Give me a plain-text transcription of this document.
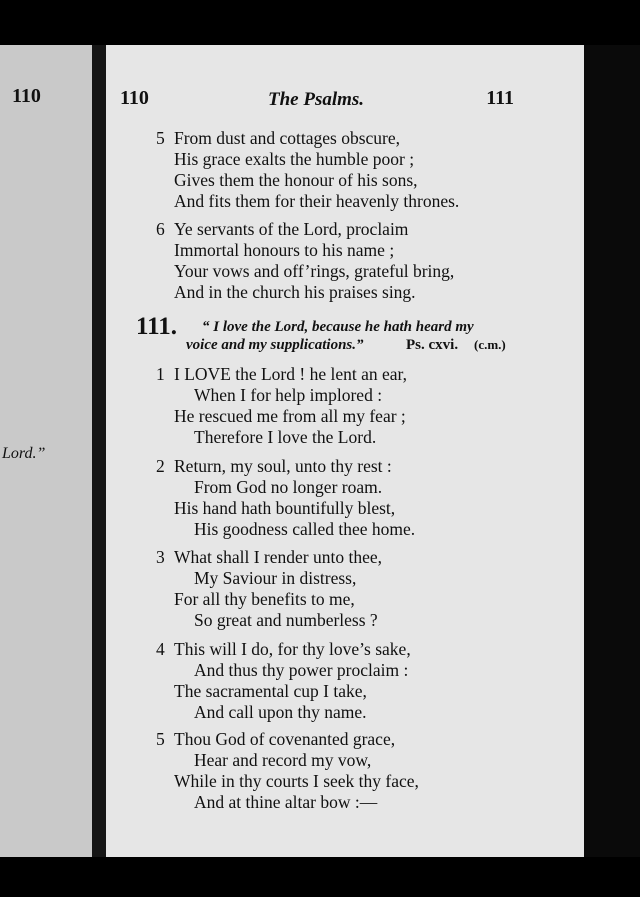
110
Lord.”
110	The Psalms.	111
5 From dust and cottages obscure,
His grace exalts the humble poor ;
Gives them the honour of his sons,
And fits them for their heavenly thrones.
6 Ye servants of the Lord, proclaim
Immortal honours to his name ;
Your vows and off’rings, grateful bring,
And in the church his praises sing.
111. “ I love the Lord, because he hath heard my
voice and my supplications.”	Ps. cxvi. (c.m.)
1 I LOVE the Lord ! he lent an ear,
When I for help implored :
He rescued me from all my fear ;
Therefore I love the Lord.
2 Return, my soul, unto thy rest :
From God no longer roam.
His hand hath bountifully blest,
His goodness called thee home.
3 What shall I render unto thee,
My Saviour in distress,
For all thy benefits to me,
So great and numberless ?
4 This will I do, for thy love’s sake,
And thus thy power proclaim :
The sacramental cup I take,
And call upon thy name.
5 Thou God of covenanted grace,
Hear and record my vow,
While in thy courts I seek thy face,
And at thine altar bow :—
